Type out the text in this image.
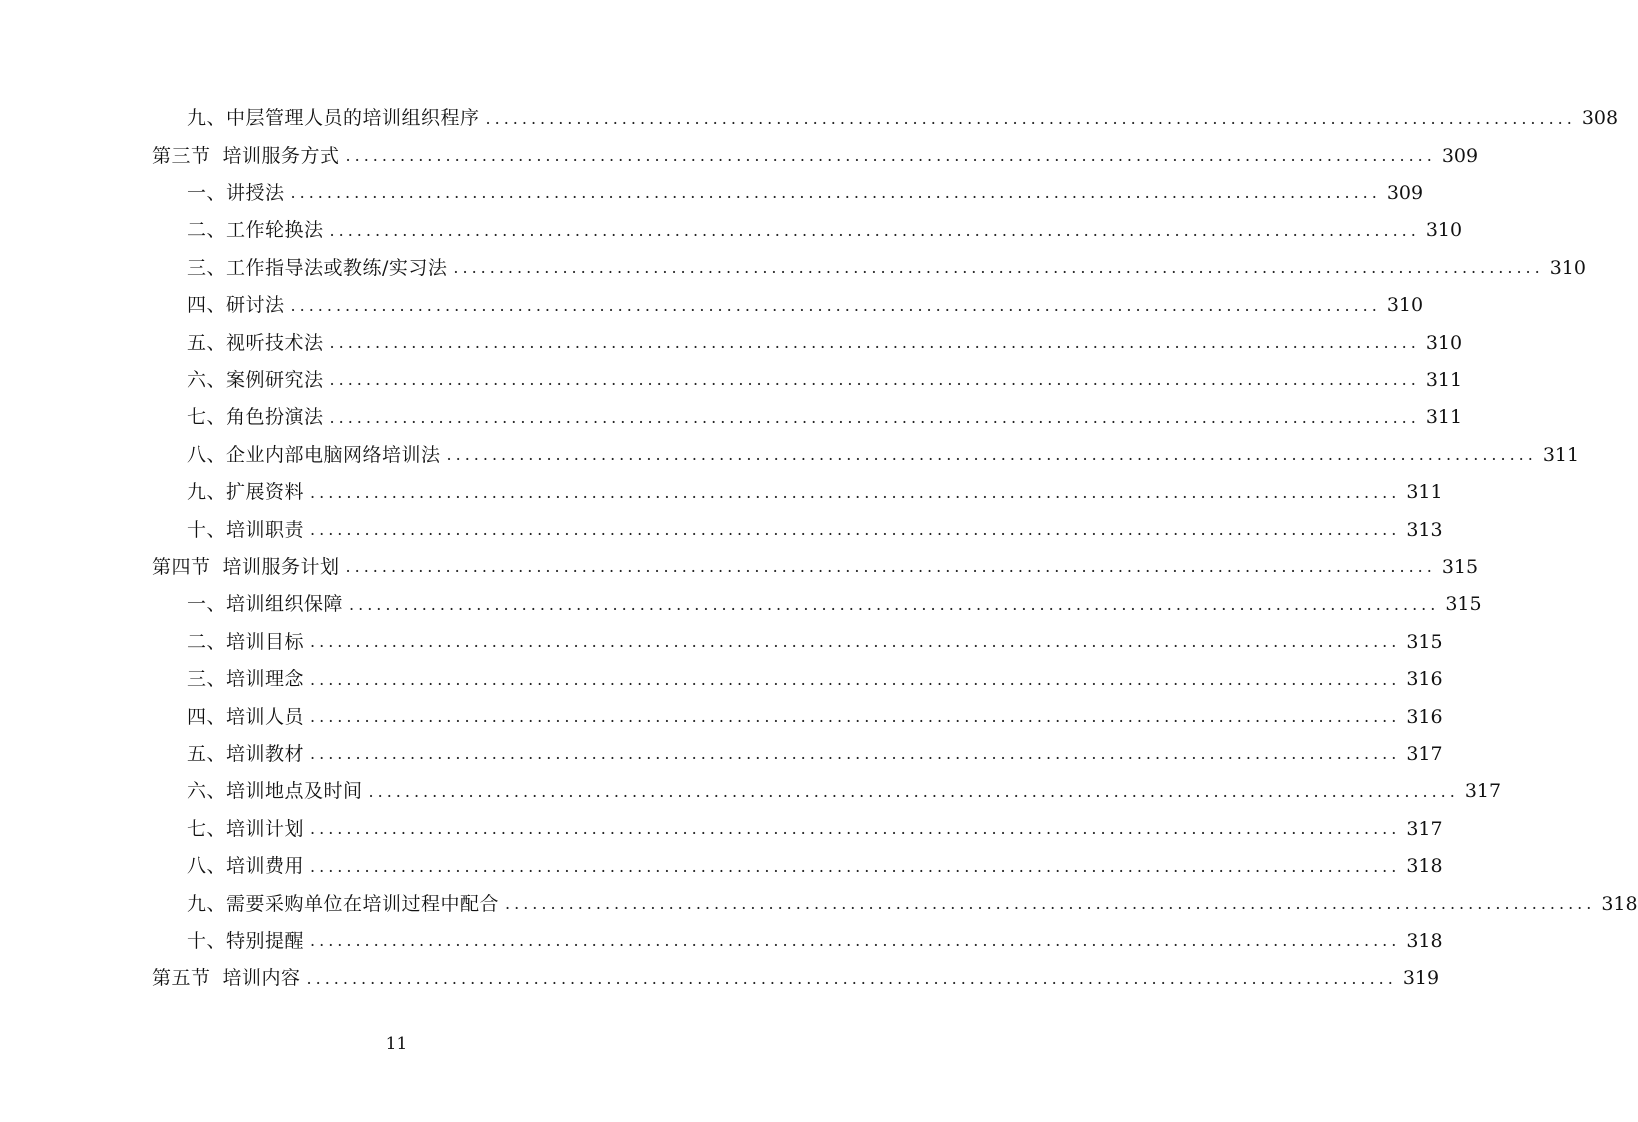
九、中层管理人员的培训组织程序 ........................................................................................................................ 308
第三节 培训服务方式 ........................................................................................................................ 309
一、讲授法 ........................................................................................................................ 309
二、工作轮换法 ........................................................................................................................ 310
三、工作指导法或教练/实习法 ........................................................................................................................ 310
四、研讨法 ........................................................................................................................ 310
五、视听技术法 ........................................................................................................................ 310
六、案例研究法 ........................................................................................................................ 311
七、角色扮演法 ........................................................................................................................ 311
八、企业内部电脑网络培训法 ........................................................................................................................ 311
九、扩展资料 ........................................................................................................................ 311
十、培训职责 ........................................................................................................................ 313
第四节 培训服务计划 ........................................................................................................................ 315
一、培训组织保障 ........................................................................................................................ 315
二、培训目标 ........................................................................................................................ 315
三、培训理念 ........................................................................................................................ 316
四、培训人员 ........................................................................................................................ 316
五、培训教材 ........................................................................................................................ 317
六、培训地点及时间 ........................................................................................................................ 317
七、培训计划 ........................................................................................................................ 317
八、培训费用 ........................................................................................................................ 318
九、需要采购单位在培训过程中配合 ........................................................................................................................ 318
十、特别提醒 ........................................................................................................................ 318
第五节 培训内容 ........................................................................................................................ 319
11
